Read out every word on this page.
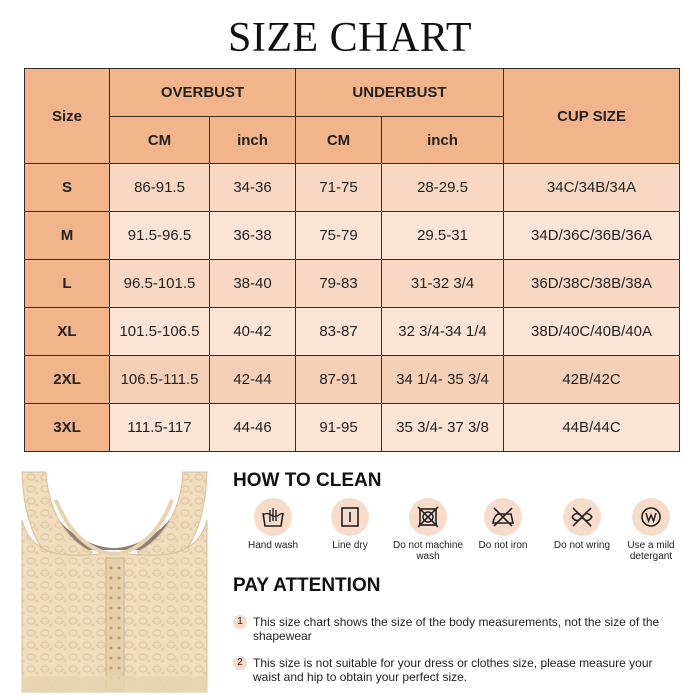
SIZE CHART
Size	OVERBUST		UNDERBUST		CUP SIZE
	CM	inch	CM	inch	
S	86-91.5	34-36	71-75	28-29.5	34C/34B/34A
M	91.5-96.5	36-38	75-79	29.5-31	34D/36C/36B/36A
L	96.5-101.5	38-40	79-83	31-32 3/4	36D/38C/38B/38A
XL	101.5-106.5	40-42	83-87	32 3/4-34 1/4	38D/40C/40B/40A
2XL	106.5-111.5	42-44	87-91	34 1/4- 35 3/4	42B/42C
3XL	111.5-117	44-46	91-95	35 3/4- 37 3/8	44B/44C
HOW TO CLEAN
Hand wash	Line dry	Do not machine wash
Do not iron	Do not wring	Use a mild detergant
PAY ATTENTION
1 This size chart shows the size of the body measurements, not the size of the shapewear
2 This size is not suitable for your dress or clothes size, please measure your waist and hip to obtain your perfect size.
